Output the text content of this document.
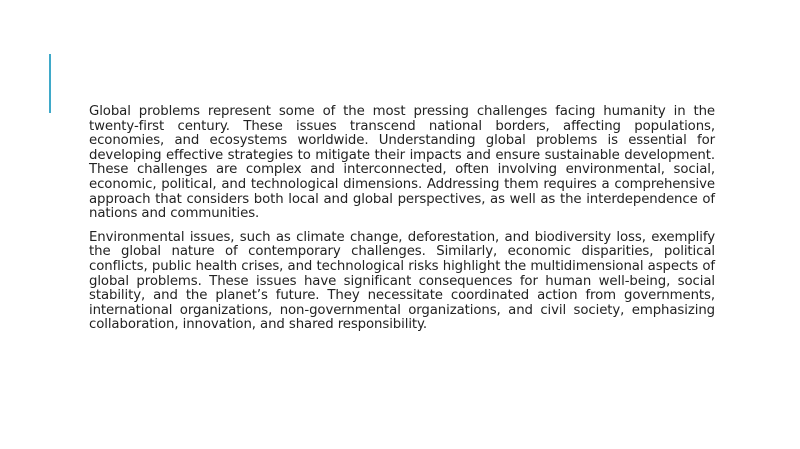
Global problems represent some of the most pressing challenges facing humanity in the twenty-first century. These issues transcend national borders, affecting populations, economies, and ecosystems worldwide. Understanding global problems is essential for developing effective strategies to mitigate their impacts and ensure sustainable development. These challenges are complex and interconnected, often involving environmental, social, economic, political, and technological dimensions. Addressing them requires a comprehensive approach that considers both local and global perspectives, as well as the interdependence of nations and communities.

Environmental issues, such as climate change, deforestation, and biodiversity loss, exemplify the global nature of contemporary challenges. Similarly, economic disparities, political conflicts, public health crises, and technological risks highlight the multidimensional aspects of global problems. These issues have significant consequences for human well-being, social stability, and the planet’s future. They necessitate coordinated action from governments, international organizations, non-governmental organizations, and civil society, emphasizing collaboration, innovation, and shared responsibility.
